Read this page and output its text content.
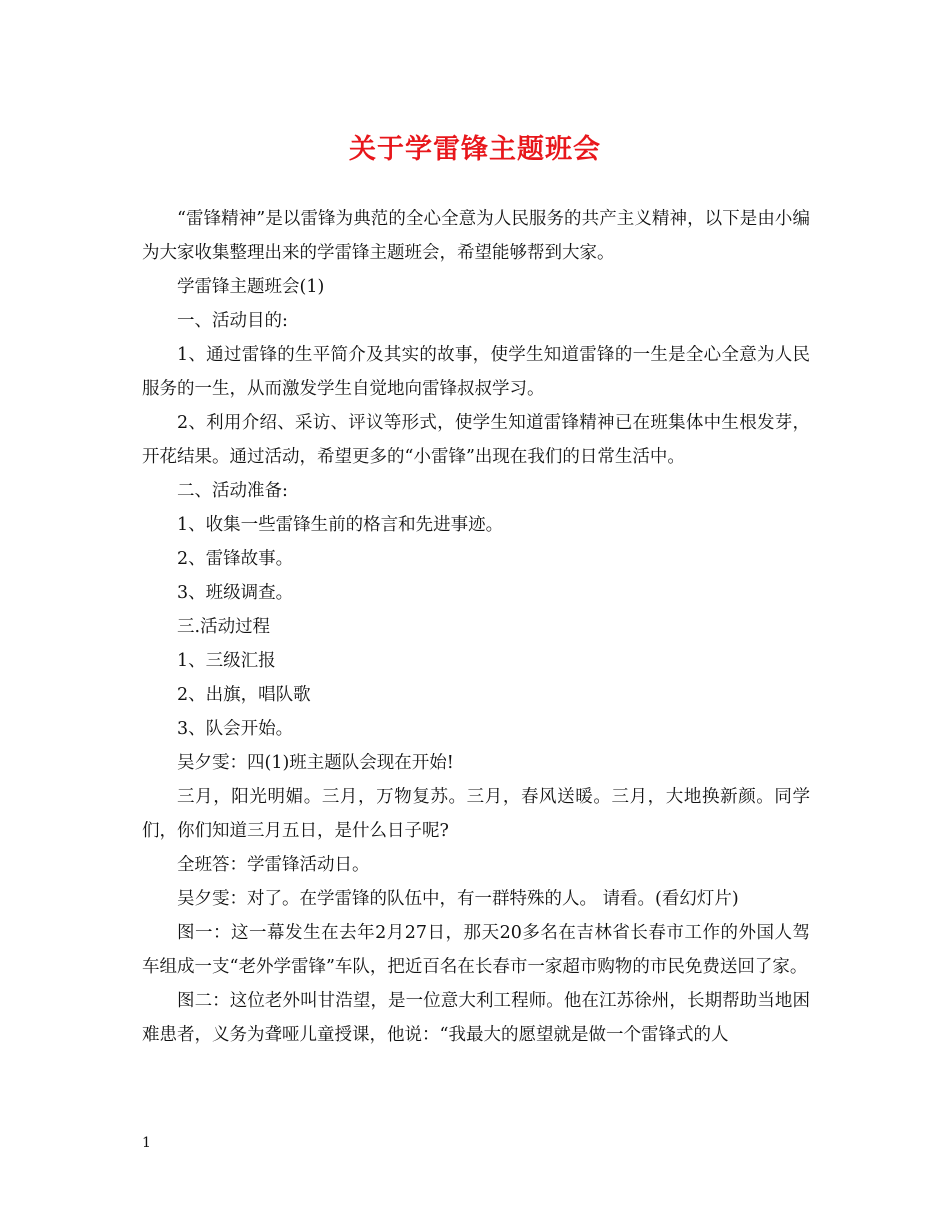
关于学雷锋主题班会

“雷锋精神”是以雷锋为典范的全心全意为人民服务的共产主义精神，以下是由小编为大家收集整理出来的学雷锋主题班会，希望能够帮到大家。

学雷锋主题班会(1)

一、活动目的:

1、通过雷锋的生平简介及其实的故事，使学生知道雷锋的一生是全心全意为人民服务的一生，从而激发学生自觉地向雷锋叔叔学习。

2、利用介绍、采访、评议等形式，使学生知道雷锋精神已在班集体中生根发芽，开花结果。通过活动，希望更多的“小雷锋”出现在我们的日常生活中。

二、活动准备:

1、收集一些雷锋生前的格言和先进事迹。

2、雷锋故事。

3、班级调查。

三.活动过程

1、三级汇报

2、出旗，唱队歌

3、队会开始。

吴夕雯：四(1)班主题队会现在开始!

三月，阳光明媚。三月，万物复苏。三月，春风送暖。三月，大地换新颜。同学们，你们知道三月五日，是什么日子呢?

全班答：学雷锋活动日。

吴夕雯：对了。在学雷锋的队伍中，有一群特殊的人。 请看。(看幻灯片)

图一：这一幕发生在去年2月27日，那天20多名在吉林省长春市工作的外国人驾车组成一支“老外学雷锋”车队，把近百名在长春市一家超市购物的市民免费送回了家。

图二：这位老外叫甘浩望，是一位意大利工程师。他在江苏徐州，长期帮助当地困难患者，义务为聋哑儿童授课，他说：“我最大的愿望就是做一个雷锋式的人

1
